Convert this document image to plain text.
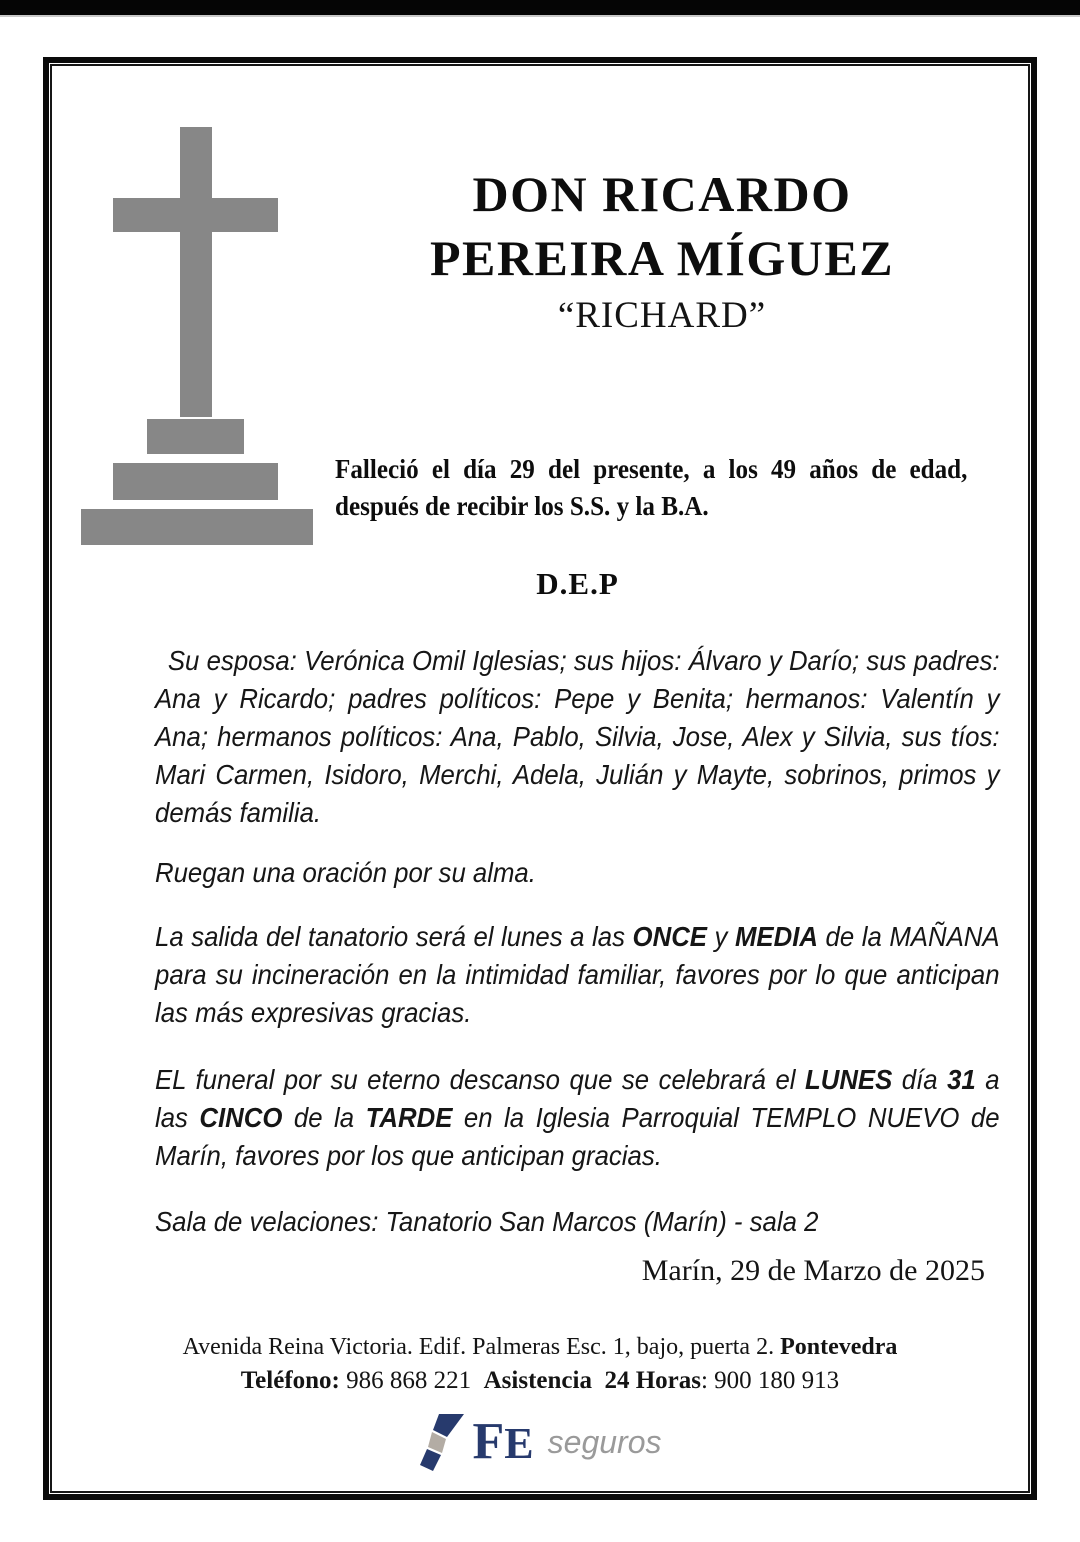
DON RICARDO
PEREIRA MÍGUEZ
“RICHARD”

Falleció el día 29 del presente, a los 49 años de edad, después de recibir los S.S. y la B.A.

D.E.P

Su esposa: Verónica Omil Iglesias; sus hijos: Álvaro y Darío; sus padres: Ana y Ricardo; padres políticos: Pepe y Benita; hermanos: Valentín y Ana; hermanos políticos: Ana, Pablo, Silvia, Jose, Alex y Silvia, sus tíos: Mari Carmen, Isidoro, Merchi, Adela, Julián y Mayte, sobrinos, primos y demás familia.

Ruegan una oración por su alma.

La salida del tanatorio será el lunes a las ONCE y MEDIA de la MAÑANA para su incineración en la intimidad familiar, favores por lo que anticipan las más expresivas gracias.

EL funeral por su eterno descanso que se celebrará el LUNES día 31 a las CINCO de la TARDE en la Iglesia Parroquial TEMPLO NUEVO de Marín, favores por los que anticipan gracias.

Sala de velaciones: Tanatorio San Marcos (Marín) - sala 2

Marín, 29 de Marzo de 2025
Avenida Reina Victoria. Edif. Palmeras Esc. 1, bajo, puerta 2. Pontevedra
Teléfono: 986 868 221  Asistencia  24 Horas: 900 180 913
F E seguros
